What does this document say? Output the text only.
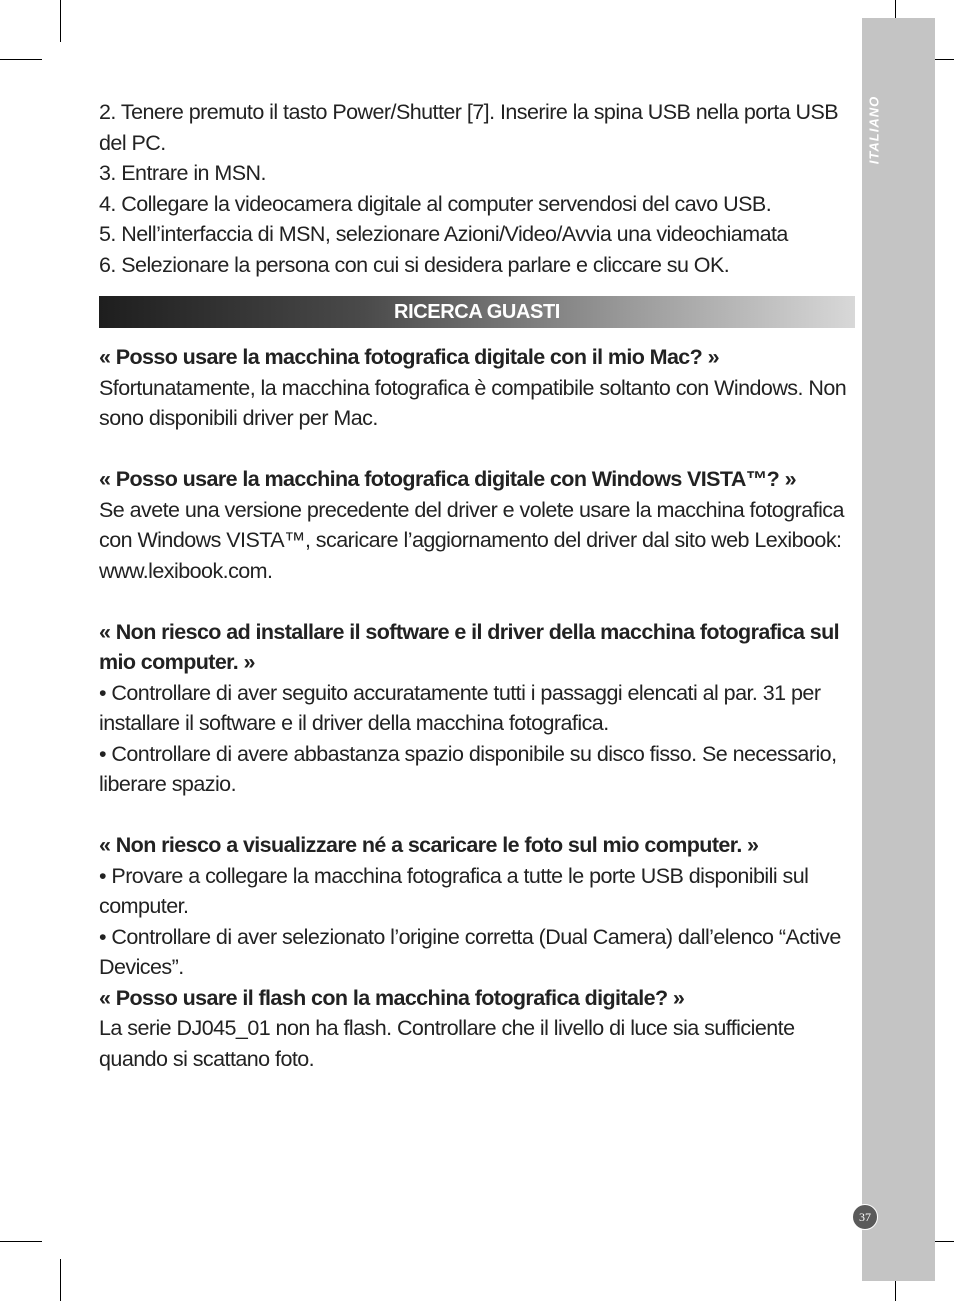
ITALIANO
37

2. Tenere premuto il tasto Power/Shutter [7]. Inserire la spina USB nella porta USB del PC.

3. Entrare in MSN.

4. Collegare la videocamera digitale al computer servendosi del cavo USB.

5. Nell’interfaccia di MSN, selezionare Azioni/Video/Avvia una videochiamata

6. Selezionare la persona con cui si desidera parlare e cliccare su OK.

RICERCA GUASTI

« Posso usare la macchina fotografica digitale con il mio Mac? »

Sfortunatamente, la macchina fotografica è compatibile soltanto con Windows. Non sono disponibili driver per Mac.

« Posso usare la macchina fotografica digitale con Windows VISTA™? »

Se avete una versione precedente del driver e volete usare la macchina fotografica con Windows VISTA™, scaricare l’aggiornamento del driver dal sito web Lexibook: www.lexibook.com.

« Non riesco ad installare il software e il driver della macchina fotografica sul mio computer. »

• Controllare di aver seguito accuratamente tutti i passaggi elencati al par. 31 per installare il software e il driver della macchina fotografica.

• Controllare di avere abbastanza spazio disponibile su disco fisso. Se necessario, liberare spazio.

« Non riesco a visualizzare né a scaricare le foto sul mio computer. »

• Provare a collegare la macchina fotografica a tutte le porte USB disponibili sul computer.

• Controllare di aver selezionato l’origine corretta (Dual Camera) dall’elenco “Active Devices”.

« Posso usare il flash con la macchina fotografica digitale? »

La serie DJ045_01 non ha flash. Controllare che il livello di luce sia sufficiente quando si scattano foto.
